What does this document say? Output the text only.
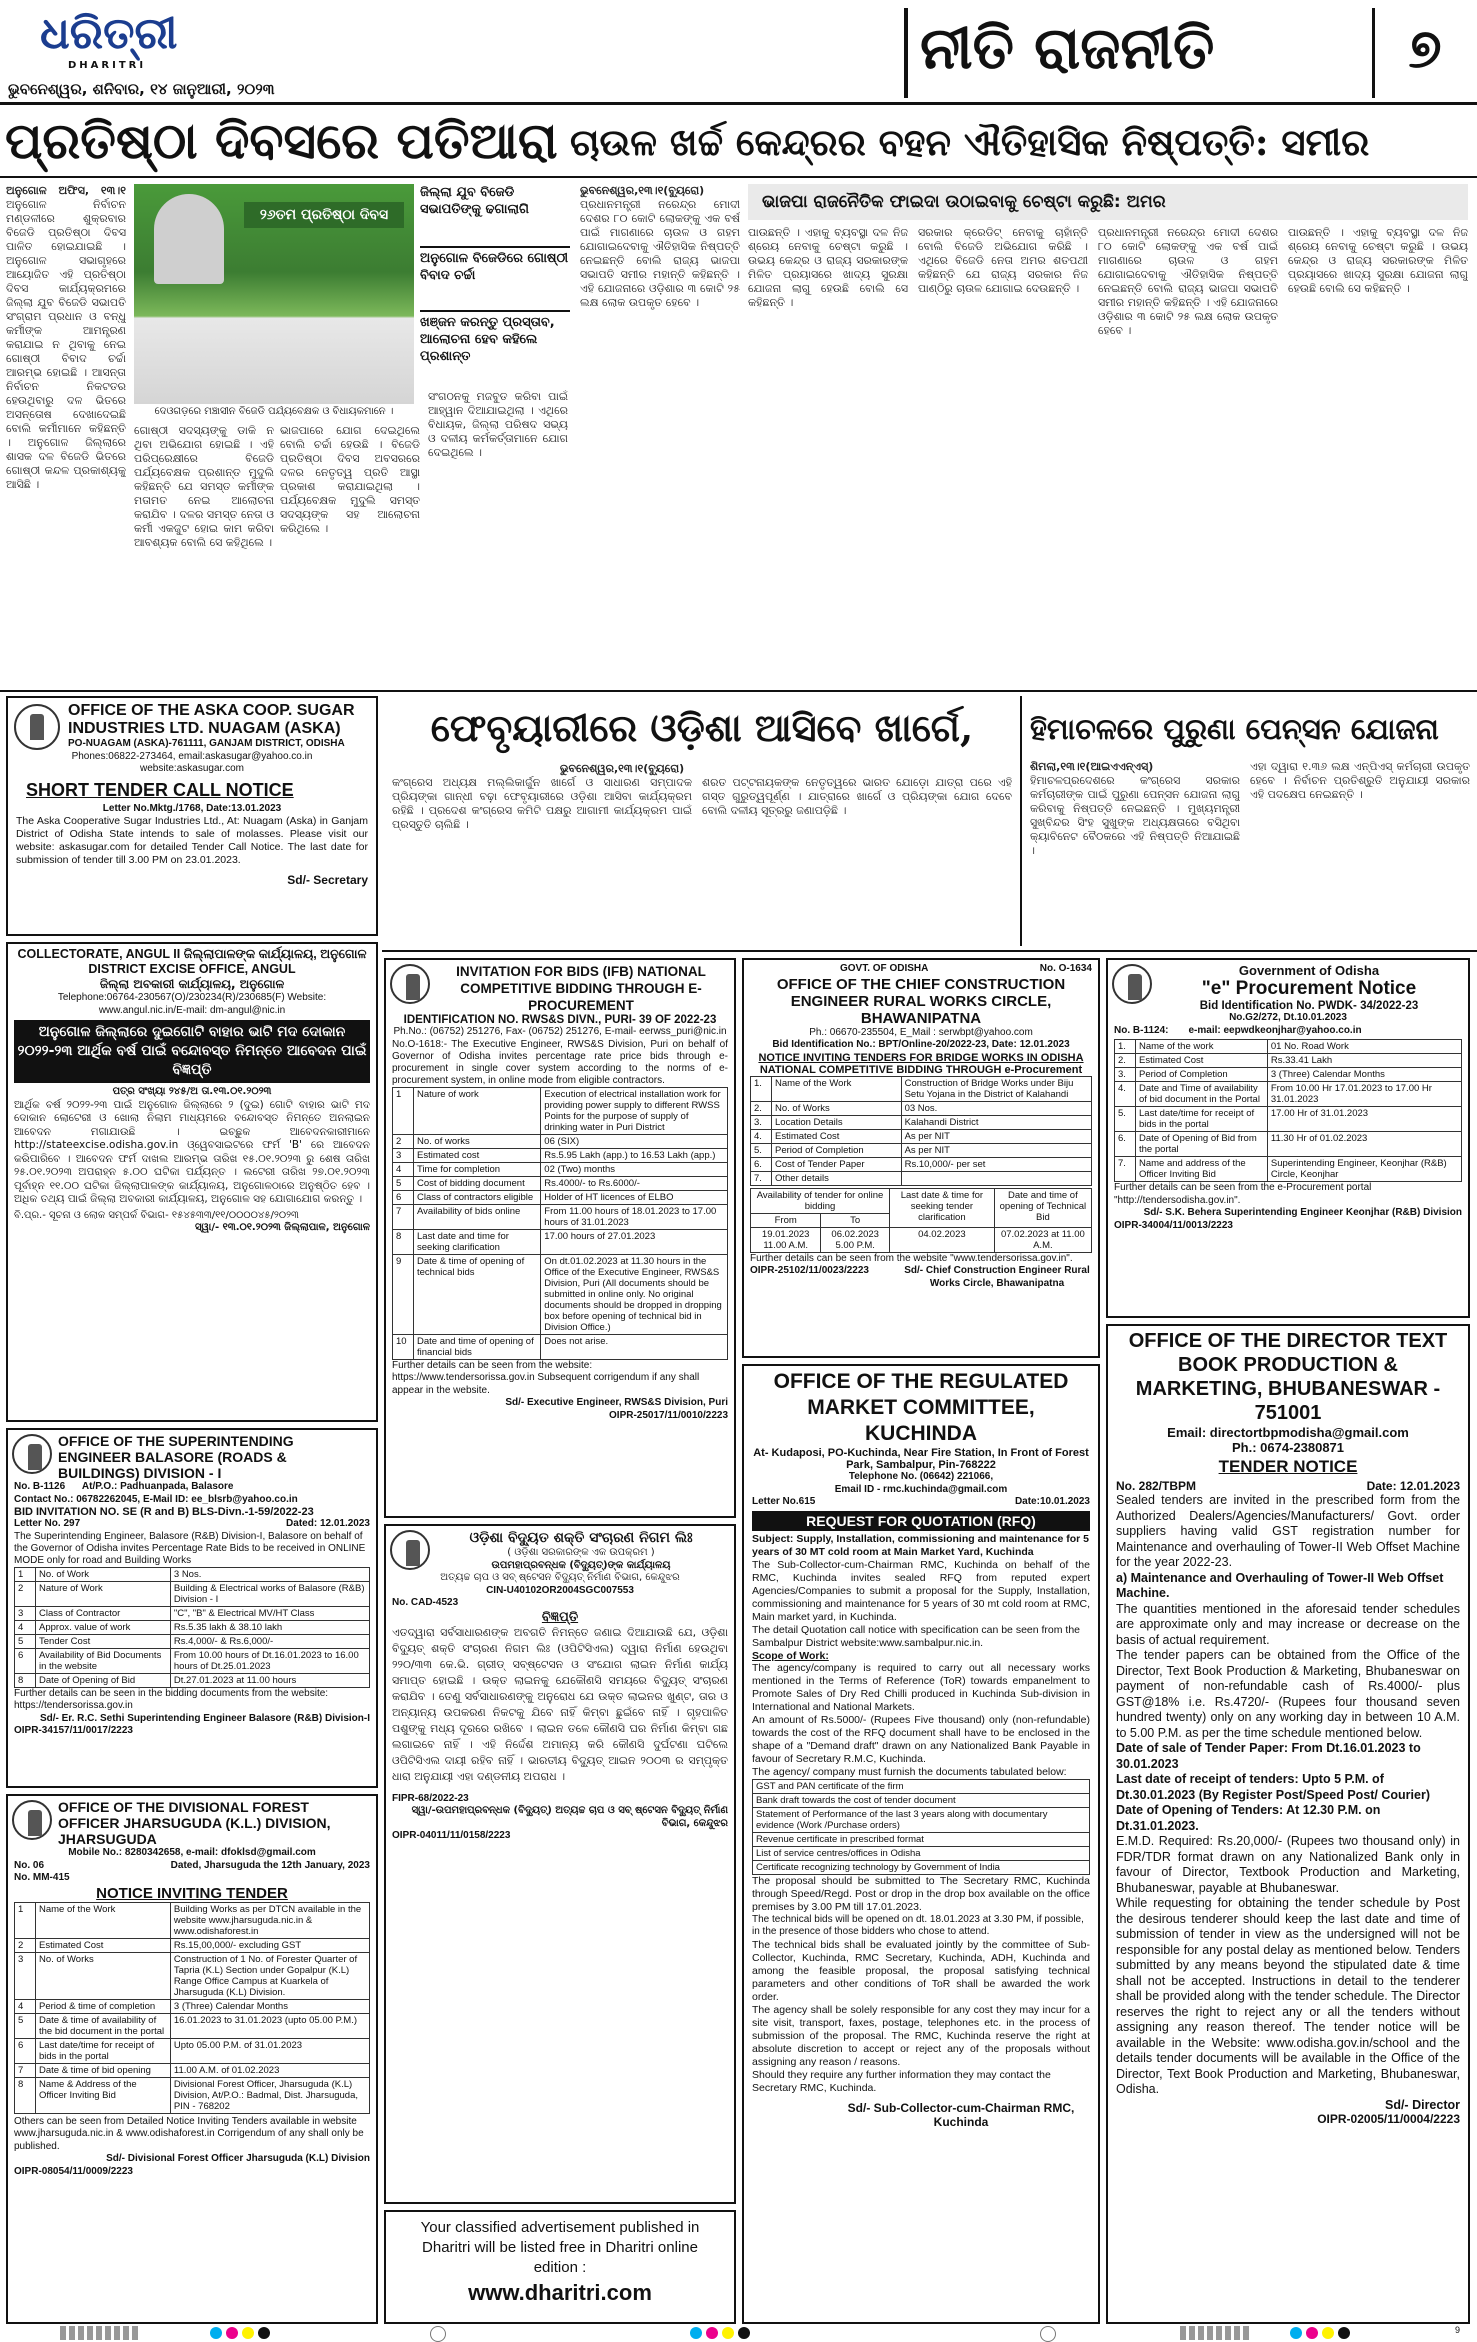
ଧରିତ୍ରୀ
DHARITRI
ଭୁବନେଶ୍ୱର, ଶନିବାର, ୧୪ ଜାନୁଆରୀ, ୨୦୨୩
ନୀତି ରାଜନୀତି	୭
ପ୍ରତିଷ୍ଠା ଦିବସରେ ପତିଆରା ଚାଉଳ ଖର୍ଚ୍ଚ କେନ୍ଦ୍ରର ବହନ ଐତିହାସିକ ନିଷ୍ପତ୍ତି: ସମୀର
ଅନୁଗୋଳ ଅଫିସ, ୧୩।୧ ଅନୁଗୋଳ ନିର୍ବାଚନ ମଣ୍ଡଳୀରେ ଶୁକ୍ରବାର ବିଜେଡି ପ୍ରତିଷ୍ଠା ଦିବସ ପାଳିତ ହୋଇଯାଇଛି । ଅନୁଗୋଳ ସଭାଗୃହରେ ଆୟୋଜିତ ଏହି ପ୍ରତିଷ୍ଠା ଦିବସ କାର୍ଯ୍ୟକ୍ରମରେ ଜିଲ୍ଲା ଯୁବ ବିଜେଡି ସଭାପତି ସଂଗ୍ରାମ ପ୍ରଧାନ ଓ ବନ୍ଧୁ କର୍ମୀଙ୍କ ଆମନ୍ତ୍ରଣ କରାଯାଇ ନ ଥିବାକୁ ନେଇ ଗୋଷ୍ଠୀ ବିବାଦ ଚର୍ଚ୍ଚା ଆରମ୍ଭ ହୋଇଛି । ଆସନ୍ତା ନିର୍ବାଚନ ନିକଟତର ହେଉଥିବାରୁ ଦଳ ଭିତରେ ଅସନ୍ତୋଷ ଦେଖାଦେଇଛି ବୋଲି କର୍ମୀମାନେ କହିଛନ୍ତି । ଅନୁଗୋଳ ଜିଲ୍ଲାରେ ଶାସକ ଦଳ ବିଜେଡି ଭିତରେ ଗୋଷ୍ଠୀ କନ୍ଦଳ ପ୍ରକାଶ୍ୟକୁ ଆସିଛି ।
୨୬ତମ ପ୍ରତିଷ୍ଠା ଦିବସ
ଦେଓଗଡ଼ରେ ମଞ୍ଚାସୀନ ବିଜେଡି ପର୍ଯ୍ୟବେକ୍ଷକ ଓ ବିଧାୟକମାନେ ।
ଜିଲ୍ଲା ଯୁବ ବିଜେଡି ସଭାପତିଙ୍କୁ ଢଗାଲାଗି
ଅନୁଗୋଳ ବିଜେଡିରେ ଗୋଷ୍ଠୀ ବିବାଦ ଚର୍ଚ୍ଚା
ଖଞ୍ଜନ କରନ୍ତୁ ପ୍ରସ୍ତାବ, ଆଲୋଚନା ହେବ କହିଲେ ପ୍ରଶାନ୍ତ
ଗୋଷ୍ଠୀ ସଦସ୍ୟଙ୍କୁ ଡାକି ନ ଥିବା ଅଭିଯୋଗ ହୋଇଛି । ଏହି ପରିପ୍ରେକ୍ଷୀରେ ବିଜେଡି ପର୍ଯ୍ୟବେକ୍ଷକ ପ୍ରଶାନ୍ତ ମୁଦୁଲି କହିଛନ୍ତି ଯେ ସମସ୍ତ କର୍ମୀଙ୍କ ମତାମତ ନେଇ ଆଲୋଚନା କରାଯିବ । ଦଳର ସମସ୍ତ ନେତା ଓ କର୍ମୀ ଏକଜୁଟ ହୋଇ କାମ କରିବା ଆବଶ୍ୟକ ବୋଲି ସେ କହିଥିଲେ ।
ଭାଜପାରେ ଯୋଗ ଦେଇଥିଲେ ବୋଲି ଚର୍ଚ୍ଚା ହେଉଛି । ବିଜେଡି ପ୍ରତିଷ୍ଠା ଦିବସ ଅବସରରେ ଦଳର ନେତୃତ୍ୱ ପ୍ରତି ଆସ୍ଥା ପ୍ରକାଶ କରାଯାଇଥିଲା । ପର୍ଯ୍ୟବେକ୍ଷକ ମୁଦୁଲି ସମସ୍ତ ସଦସ୍ୟଙ୍କ ସହ ଆଲୋଚନା କରିଥିଲେ ।
ସଂଗଠନକୁ ମଜବୁତ କରିବା ପାଇଁ ଆହ୍ୱାନ ଦିଆଯାଇଥିଲା । ଏଥିରେ ବିଧାୟକ, ଜିଲ୍ଲା ପରିଷଦ ସଭ୍ୟ ଓ ଦଳୀୟ କର୍ମକର୍ତ୍ତାମାନେ ଯୋଗ ଦେଇଥିଲେ ।
ଭୁବନେଶ୍ୱର,୧୩।୧(ବ୍ୟୁରୋ) ପ୍ରଧାନମନ୍ତ୍ରୀ ନରେନ୍ଦ୍ର ମୋଦୀ ଦେଶର ୮୦ କୋଟି ଲୋକଙ୍କୁ ଏକ ବର୍ଷ ପାଇଁ ମାଗଣାରେ ଚାଉଳ ଓ ଗହମ ଯୋଗାଇଦେବାକୁ ଐତିହାସିକ ନିଷ୍ପତ୍ତି ନେଇଛନ୍ତି ବୋଲି ରାଜ୍ୟ ଭାଜପା ସଭାପତି ସମୀର ମହାନ୍ତି କହିଛନ୍ତି । ଏହି ଯୋଜନାରେ ଓଡ଼ିଶାର ୩ କୋଟି ୨୫ ଲକ୍ଷ ଲୋକ ଉପକୃତ ହେବେ ।
ଭାଜପା ରାଜନୈତିକ ଫାଇଦା ଉଠାଇବାକୁ ଚେଷ୍ଟା କରୁଛି: ଅମର
ପାଉଛନ୍ତି । ଏହାକୁ ବ୍ୟବସ୍ଥା ଦଳ ନିଜ ଶ୍ରେୟ ନେବାକୁ ଚେଷ୍ଟା କରୁଛି । ଉଭୟ କେନ୍ଦ୍ର ଓ ରାଜ୍ୟ ସରକାରଙ୍କ ମିଳିତ ପ୍ରୟାସରେ ଖାଦ୍ୟ ସୁରକ୍ଷା ଯୋଜନା ଲାଗୁ ହେଉଛି ବୋଲି ସେ କହିଛନ୍ତି ।
ସରକାର କ୍ରେଡିଟ୍ ନେବାକୁ ଚାହାଁନ୍ତି ବୋଲି ବିଜେଡି ଅଭିଯୋଗ କରିଛି । ଏଥିରେ ବିଜେଡି ନେତା ଅମର ଶତପଥୀ କହିଛନ୍ତି ଯେ ରାଜ୍ୟ ସରକାର ନିଜ ପାଣ୍ଠିରୁ ଚାଉଳ ଯୋଗାଇ ଦେଉଛନ୍ତି ।
ପ୍ରଧାନମନ୍ତ୍ରୀ ନରେନ୍ଦ୍ର ମୋଦୀ ଦେଶର ୮୦ କୋଟି ଲୋକଙ୍କୁ ଏକ ବର୍ଷ ପାଇଁ ମାଗଣାରେ ଚାଉଳ ଓ ଗହମ ଯୋଗାଇଦେବାକୁ ଐତିହାସିକ ନିଷ୍ପତ୍ତି ନେଇଛନ୍ତି ବୋଲି ରାଜ୍ୟ ଭାଜପା ସଭାପତି ସମୀର ମହାନ୍ତି କହିଛନ୍ତି । ଏହି ଯୋଜନାରେ ଓଡ଼ିଶାର ୩ କୋଟି ୨୫ ଲକ୍ଷ ଲୋକ ଉପକୃତ ହେବେ ।
ପାଉଛନ୍ତି । ଏହାକୁ ବ୍ୟବସ୍ଥା ଦଳ ନିଜ ଶ୍ରେୟ ନେବାକୁ ଚେଷ୍ଟା କରୁଛି । ଉଭୟ କେନ୍ଦ୍ର ଓ ରାଜ୍ୟ ସରକାରଙ୍କ ମିଳିତ ପ୍ରୟାସରେ ଖାଦ୍ୟ ସୁରକ୍ଷା ଯୋଜନା ଲାଗୁ ହେଉଛି ବୋଲି ସେ କହିଛନ୍ତି ।
OFFICE OF THE ASKA COOP. SUGAR INDUSTRIES LTD. NUAGAM (ASKA)
PO-NUAGAM (ASKA)-761111, GANJAM DISTRICT, ODISHA
Phones:06822-273464, email:askasugar@yahoo.co.in
website:askasugar.com
SHORT TENDER CALL NOTICE
Letter No.Mktg./1768, Date:13.01.2023
The Aska Cooperative Sugar Industries Ltd., At: Nuagam (Aska) in Ganjam District of Odisha State intends to sale of molasses. Please visit our website: askasugar.com for detailed Tender Call Notice. The last date for submission of tender till 3.00 PM on 23.01.2023.
Sd/- Secretary
ଫେବୃୟାରୀରେ ଓଡ଼ିଶା ଆସିବେ ଖାର୍ଗେ,
ଭୁବନେଶ୍ୱର,୧୩।୧(ବ୍ୟୁରୋ)
କଂଗ୍ରେସ ଅଧ୍ୟକ୍ଷ ମଲ୍ଲିକାର୍ଜୁନ ଖାର୍ଗେ ଓ ସାଧାରଣ ସମ୍ପାଦକ ପ୍ରିୟଙ୍କା ଗାନ୍ଧୀ ବଢ଼ା ଫେବୃୟାରୀରେ ଓଡ଼ିଶା ଆସିବା କାର୍ଯ୍ୟକ୍ରମ ରହିଛି । ପ୍ରଦେଶ କଂଗ୍ରେସ କମିଟି ପକ୍ଷରୁ ଆଗାମୀ କାର୍ଯ୍ୟକ୍ରମ ପାଇଁ ପ୍ରସ୍ତୁତି ଚାଲିଛି ।
ଶରତ ପଟ୍ଟନାୟକଙ୍କ ନେତୃତ୍ୱରେ ଭାରତ ଯୋଡ଼ୋ ଯାତ୍ରା ପରେ ଏହି ଗସ୍ତ ଗୁରୁତ୍ୱପୂର୍ଣ୍ଣ । ଯାତ୍ରାରେ ଖାର୍ଗେ ଓ ପ୍ରିୟଙ୍କା ଯୋଗ ଦେବେ ବୋଲି ଦଳୀୟ ସୂତ୍ରରୁ ଜଣାପଡ଼ିଛି ।
ହିମାଚଳରେ ପୁରୁଣା ପେନ୍‌ସନ ଯୋଜନା
ଶିମଲା,୧୩।୧(ଆଇଏଏନ୍‌ଏସ୍) ହିମାଚଳପ୍ରଦେଶରେ କଂଗ୍ରେସ ସରକାର କର୍ମଚାରୀଙ୍କ ପାଇଁ ପୁରୁଣା ପେନ୍‌ସନ ଯୋଜନା ଲାଗୁ କରିବାକୁ ନିଷ୍ପତ୍ତି ନେଇଛନ୍ତି । ମୁଖ୍ୟମନ୍ତ୍ରୀ ସୁଖ୍‌ବିନ୍ଦର ସିଂହ ସୁଖୁଙ୍କ ଅଧ୍ୟକ୍ଷତାରେ ବସିଥିବା କ୍ୟାବିନେଟ ବୈଠକରେ ଏହି ନିଷ୍ପତ୍ତି ନିଆଯାଇଛି ।
ଏହା ଦ୍ୱାରା ୧.୩୬ ଲକ୍ଷ ଏନ୍‌ପିଏସ୍ କର୍ମଚାରୀ ଉପକୃତ ହେବେ । ନିର୍ବାଚନ ପ୍ରତିଶ୍ରୁତି ଅନୁଯାୟୀ ସରକାର ଏହି ପଦକ୍ଷେପ ନେଇଛନ୍ତି ।
COLLECTORATE, ANGUL II ଜିଲ୍ଲାପାଳଙ୍କ କାର୍ଯ୍ୟାଳୟ, ଅନୁଗୋଳ DISTRICT EXCISE OFFICE, ANGUL
ଜିଲ୍ଲା ଅବକାରୀ କାର୍ଯ୍ୟାଳୟ, ଅନୁଗୋଳ
Telephone:06764-230567(O)/230234(R)/230685(F) Website: www.angul.nic.in/E-mail: dm-angul@nic.in
ଅନୁଗୋଳ ଜିଲ୍ଲାରେ ଦୁଇଗୋଟି ବାହାର ଭାଟି ମଦ ଦୋକାନ ୨୦୨୨-୨୩ ଆର୍ଥିକ ବର୍ଷ ପାଇଁ ବନ୍ଦୋବସ୍ତ ନିମନ୍ତେ ଆବେଦନ ପାଇଁ ବିଜ୍ଞପ୍ତି
ପତ୍ର ସଂଖ୍ୟା ୨୪୫/ଅ ତା.୧୩.୦୧.୨୦୨୩
ଆର୍ଥିକ ବର୍ଷ ୨୦୨୨-୨୩ ପାଇଁ ଅନୁଗୋଳ ଜିଲ୍ଲାରେ ୨ (ଦୁଇ) ଗୋଟି ବାହାର ଭାଟି ମଦ ଦୋକାନ ଲୋଟେରୀ ଓ ଖୋଲା ନିଲାମ ମାଧ୍ୟମରେ ବନ୍ଦୋବସ୍ତ ନିମନ୍ତେ ଅନଲାଇନ ଆବେଦନ ମଗାଯାଉଛି । ଇଚ୍ଛୁକ ଆବେଦନକାରୀମାନେ http://stateexcise.odisha.gov.in ଓ୍ୱେବସାଇଟରେ ଫର୍ମ 'B' ରେ ଆବେଦନ କରିପାରିବେ । ଆବେଦନ ଫର୍ମ ଦାଖଲ ଆରମ୍ଭ ତାରିଖ ୧୫.୦୧.୨୦୨୩ ରୁ ଶେଷ ତାରିଖ ୨୫.୦୧.୨୦୨୩ ଅପରାହ୍ନ ୫.୦୦ ଘଟିକା ପର୍ଯ୍ୟନ୍ତ । ଲଟେରୀ ତାରିଖ ୨୭.୦୧.୨୦୨୩ ପୂର୍ବାହ୍ନ ୧୧.୦୦ ଘଟିକା ଜିଲ୍ଲାପାଳଙ୍କ କାର୍ଯ୍ୟାଳୟ, ଅନୁଗୋଳଠାରେ ଅନୁଷ୍ଠିତ ହେବ । ଅଧିକ ତଥ୍ୟ ପାଇଁ ଜିଲ୍ଲା ଅବକାରୀ କାର୍ଯ୍ୟାଳୟ, ଅନୁଗୋଳ ସହ ଯୋଗାଯୋଗ କରନ୍ତୁ ।
ବି.ପ୍ର.- ସୂଚନା ଓ ଲୋକ ସମ୍ପର୍କ ବିଭାଗ- ୧୫୪୫୩୩/୧୧/୦୦୦୦୪୫/୨୦୨୩
ସ୍ୱା/- ୧୩.୦୧.୨୦୨୩ ଜିଲ୍ଲାପାଳ, ଅନୁଗୋଳ
OFFICE OF THE SUPERINTENDING ENGINEER BALASORE (ROADS & BUILDINGS) DIVISION - I
No. B-1126 At/P.O.: Padhuanpada, Balasore
Contact No.: 06782262045, E-Mail ID: ee_blsrb@yahoo.co.in
BID INVITATION NO. SE (R and B) BLS-Divn.-1-59/2022-23
Letter No. 297	Dated: 12.01.2023
The Superintending Engineer, Balasore (R&B) Division-I, Balasore on behalf of the Governor of Odisha invites Percentage Rate Bids to be received in ONLINE MODE only for road and Building Works
1	No. of Work	3 Nos.
2	Nature of Work	Building & Electrical works of Balasore (R&B) Division - I
3	Class of Contractor	"C", "B" & Electrical MV/HT Class
4	Approx. value of work	Rs.5.35 lakh & 38.10 lakh
5	Tender Cost	Rs.4,000/- & Rs.6,000/-
6	Availability of Bid Documents in the website	From 10.00 hours of Dt.16.01.2023 to 16.00 hours of Dt.25.01.2023
8	Date of Opening of Bid	Dt.27.01.2023 at 11.00 hours
Further details can be seen in the bidding documents from the website: https://tendersorissa.gov.in
Sd/- Er. R.C. Sethi Superintending Engineer Balasore (R&B) Division-I
OIPR-34157/11/0017/2223
OFFICE OF THE DIVISIONAL FOREST OFFICER JHARSUGUDA (K.L.) DIVISION, JHARSUGUDA
Mobile No.: 8280342658, e-mail: dfoklsd@gmail.com
No. 06	Dated, Jharsuguda the 12th January, 2023
No. MM-415
NOTICE INVITING TENDER
1	Name of the Work	Building Works as per DTCN available in the website www.jharsuguda.nic.in & www.odishaforest.in
2	Estimated Cost	Rs.15,00,000/- excluding GST
3	No. of Works	Construction of 1 No. of Forester Quarter of Tapria (K.L) Section under Gopalpur (K.L) Range Office Campus at Kuarkela of Jharsuguda (K.L) Division.
4	Period & time of completion	3 (Three) Calendar Months
5	Date & time of availability of the bid document in the portal	16.01.2023 to 31.01.2023 (upto 05.00 P.M.)
6	Last date/time for receipt of bids in the portal	Upto 05.00 P.M. of 31.01.2023
7	Date & time of bid opening	11.00 A.M. of 01.02.2023
8	Name & Address of the Officer Inviting Bid	Divisional Forest Officer, Jharsuguda (K.L) Division, At/P.O.: Badmal, Dist. Jharsuguda, PIN - 768202
Others can be seen from Detailed Notice Inviting Tenders available in website www.jharsuguda.nic.in & www.odishaforest.in Corrigendum of any shall only be published.
Sd/- Divisional Forest Officer Jharsuguda (K.L) Division
OIPR-08054/11/0009/2223
INVITATION FOR BIDS (IFB) NATIONAL COMPETITIVE BIDDING THROUGH E-PROCUREMENT
IDENTIFICATION NO. RWS&S DIVN., PURI- 39 OF 2022-23
Ph.No.: (06752) 251276, Fax- (06752) 251276, E-mail- eerwss_puri@nic.in
No.O-1618:- The Executive Engineer, RWS&S Division, Puri on behalf of Governor of Odisha invites percentage rate price bids through e-procurement in single cover system according to the norms of e-procurement system, in online mode from eligible contractors.
1	Nature of work	Execution of electrical installation work for providing power supply to different RWSS Points for the purpose of supply of drinking water in Puri District
2	No. of works	06 (SIX)
3	Estimated cost	Rs.5.95 Lakh (app.) to 16.53 Lakh (app.)
4	Time for completion	02 (Two) months
5	Cost of bidding document	Rs.4000/- to Rs.6000/-
6	Class of contractors eligible	Holder of HT licences of ELBO
7	Availability of bids online	From 11.00 hours of 18.01.2023 to 17.00 hours of 31.01.2023
8	Last date and time for seeking clarification	17.00 hours of 27.01.2023
9	Date & time of opening of technical bids	On dt.01.02.2023 at 11.30 hours in the Office of the Executive Engineer, RWS&S Division, Puri (All documents should be submitted in online only. No original documents should be dropped in dropping box before opening of technical bid in Division Office.)
10	Date and time of opening of financial bids	Does not arise.
Further details can be seen from the website: https://www.tendersorissa.gov.in Subsequent corrigendum if any shall appear in the website.
Sd/- Executive Engineer, RWS&S Division, Puri
OIPR-25017/11/0010/2223
ଓଡ଼ିଶା ବିଦ୍ୟୁତ ଶକ୍ତି ସଂଚାରଣ ନିଗମ ଲିଃ
( ଓଡ଼ିଶା ସରକାରଙ୍କ ଏକ ଉପକ୍ରମ )
ଉପମହାପ୍ରବନ୍ଧକ (ବିଦ୍ୟୁତ୍)ଙ୍କ କାର୍ଯ୍ୟାଳୟ
ଅତ୍ୟଚ୍ଚ ଚାପ ଓ ସବ୍‌ ଷ୍ଟେସନ ବିଦ୍ୟୁତ୍ ନିର୍ମାଣ ବିଭାଗ, କେନ୍ଦୁଝର
CIN-U40102OR2004SGC007553
No. CAD-4523
ବିଜ୍ଞପ୍ତି
ଏତଦ୍ୱାରା ସର୍ବସାଧାରଣଙ୍କ ଅବଗତି ନିମନ୍ତେ ଜଣାଇ ଦିଆଯାଉଛି ଯେ, ଓଡ଼ିଶା ବିଦ୍ୟୁତ୍ ଶକ୍ତି ସଂଚାରଣ ନିଗମ ଲିଃ (ଓପିଟିସିଏଲ) ଦ୍ୱାରା ନିର୍ମାଣ ହେଉଥିବା ୨୨୦/୩୩ କେ.ଭି. ଗ୍ରୀଡ୍ ସବ୍‌ଷ୍ଟେସନ ଓ ସଂଯୋଗ ଲାଇନ ନିର୍ମାଣ କାର୍ଯ୍ୟ ସମାପ୍ତ ହୋଇଛି । ଉକ୍ତ ଲାଇନକୁ ଯେକୌଣସି ସମୟରେ ବିଦ୍ୟୁତ୍ ସଂଚାରଣ କରାଯିବ । ତେଣୁ ସର୍ବସାଧାରଣଙ୍କୁ ଅନୁରୋଧ ଯେ ଉକ୍ତ ଲାଇନର ଖୁଣ୍ଟ, ତାର ଓ ଅନ୍ୟାନ୍ୟ ଉପକରଣ ନିକଟକୁ ଯିବେ ନାହିଁ କିମ୍ବା ଛୁଇଁବେ ନାହିଁ । ଗୃହପାଳିତ ପଶୁଙ୍କୁ ମଧ୍ୟ ଦୂରରେ ରଖିବେ । ଲାଇନ ତଳେ କୌଣସି ଘର ନିର୍ମାଣ କିମ୍ବା ଗଛ ଲଗାଇବେ ନାହିଁ । ଏହି ନିର୍ଦ୍ଦେଶ ଅମାନ୍ୟ କରି କୌଣସି ଦୁର୍ଘଟଣା ଘଟିଲେ ଓପିଟିସିଏଲ ଦାୟୀ ରହିବ ନାହିଁ । ଭାରତୀୟ ବିଦ୍ୟୁତ୍ ଆଇନ ୨୦୦୩ ର ସମ୍ପୃକ୍ତ ଧାରା ଅନୁଯାୟୀ ଏହା ଦଣ୍ଡନୀୟ ଅପରାଧ ।
FIPR-68/2022-23
ସ୍ୱା/-ଉପମହାପ୍ରବନ୍ଧକ (ବିଦ୍ୟୁତ୍) ଅତ୍ୟଚ୍ଚ ଚାପ ଓ ସବ୍‌ ଷ୍ଟେସନ ବିଦ୍ୟୁତ୍ ନିର୍ମାଣ ବିଭାଗ, କେନ୍ଦୁଝର
OIPR-04011/11/0158/2223
Your classified advertisement published in Dharitri will be listed free in Dharitri online edition :
www.dharitri.com
GOVT. OF ODISHA	No. O-1634
OFFICE OF THE CHIEF CONSTRUCTION ENGINEER RURAL WORKS CIRCLE, BHAWANIPATNA
Ph.: 06670-235504, E_Mail : serwbpt@yahoo.com
Bid Identification No.: BPT/Online-20/2022-23, Date: 12.01.2023
NOTICE INVITING TENDERS FOR BRIDGE WORKS IN ODISHA
NATIONAL COMPETITIVE BIDDING THROUGH e-Procurement
1.	Name of the Work	Construction of Bridge Works under Biju Setu Yojana in the District of Kalahandi
2.	No. of Works	03 Nos.
3.	Location Details	Kalahandi District
4.	Estimated Cost	As per NIT
5.	Period of Completion	As per NIT
6.	Cost of Tender Paper	Rs.10,000/- per set
7.	Other details	
Availability of tender for online bidding		Last date & time for seeking tender clarification	Date and time of opening of Technical Bid
From	To		
19.01.2023 11.00 A.M.	06.02.2023 5.00 P.M.	04.02.2023	07.02.2023 at 11.00 A.M.
Further details can be seen from the website "www.tendersorissa.gov.in".
OIPR-25102/11/0023/2223	Sd/- Chief Construction Engineer Rural Works Circle, Bhawanipatna
OFFICE OF THE REGULATED MARKET COMMITTEE, KUCHINDA
At- Kudaposi, PO-Kuchinda, Near Fire Station, In Front of Forest Park, Sambalpur, Pin-768222
Telephone No. (06642) 221066,
Email ID - rmc.kuchinda@gmail.com
Letter No.615	Date:10.01.2023
REQUEST FOR QUOTATION (RFQ)
Subject: Supply, Installation, commissioning and maintenance for 5 years of 30 MT cold room at Main Market Yard, Kuchinda
The Sub-Collector-cum-Chairman RMC, Kuchinda on behalf of the RMC, Kuchinda invites sealed RFQ from reputed expert Agencies/Companies to submit a proposal for the Supply, Installation, commissioning and maintenance for 5 years of 30 mt cold room at RMC, Main market yard, in Kuchinda.
The detail Quotation call notice with specification can be seen from the Sambalpur District website:www.sambalpur.nic.in.
Scope of Work:
The agency/company is required to carry out all necessary works mentioned in the Terms of Reference (ToR) towards empanelment to Promote Sales of Dry Red Chilli produced in Kuchinda Sub-division in International and National Markets.
An amount of Rs.5000/- (Rupees Five thousand) only (non-refundable) towards the cost of the RFQ document shall have to be enclosed in the shape of a "Demand draft" drawn on any Nationalized Bank Payable in favour of Secretary R.M.C, Kuchinda.
The agency/ company must furnish the documents tabulated below:
GST and PAN certificate of the firm
Bank draft towards the cost of tender document
Statement of Performance of the last 3 years along with documentary evidence (Work /Purchase orders)
Revenue certificate in prescribed format
List of service centres/offices in Odisha
Certificate recognizing technology by Government of India
The proposal should be submitted to The Secretary RMC, Kuchinda through Speed/Regd. Post or drop in the drop box available on the office premises by 3.00 PM till 17.01.2023.
The technical bids will be opened on dt. 18.01.2023 at 3.30 PM, if possible, in the presence of those bidders who chose to attend.
The technical bids shall be evaluated jointly by the committee of Sub-Collector, Kuchinda, RMC Secretary, Kuchinda, ADH, Kuchinda and among the feasible proposal, the proposal satisfying technical parameters and other conditions of ToR shall be awarded the work order.
The agency shall be solely responsible for any cost they may incur for a site visit, transport, faxes, postage, telephones etc. in the process of submission of the proposal. The RMC, Kuchinda reserve the right at absolute discretion to accept or reject any of the proposals without assigning any reason / reasons.
Should they require any further information they may contact the Secretary RMC, Kuchinda.
Sd/- Sub-Collector-cum-Chairman RMC, Kuchinda
Government of Odisha
"e" Procurement Notice
Bid Identification No. PWDK- 34/2022-23
No.G2/272, Dt.10.01.2023
No. B-1124: e-mail: eepwdkeonjhar@yahoo.co.in
1.	Name of the work	01 No. Road Work
2.	Estimated Cost	Rs.33.41 Lakh
3.	Period of Completion	3 (Three) Calendar Months
4.	Date and Time of availability of bid document in the Portal	From 10.00 Hr 17.01.2023 to 17.00 Hr 31.01.2023
5.	Last date/time for receipt of bids in the portal	17.00 Hr of 31.01.2023
6.	Date of Opening of Bid from the portal	11.30 Hr of 01.02.2023
7.	Name and address of the Officer Inviting Bid	Superintending Engineer, Keonjhar (R&B) Circle, Keonjhar
Further details can be seen from the e-Procurement portal "http://tendersodisha.gov.in".
Sd/- S.K. Behera Superintending Engineer Keonjhar (R&B) Division
OIPR-34004/11/0013/2223
OFFICE OF THE DIRECTOR TEXT BOOK PRODUCTION & MARKETING, BHUBANESWAR - 751001
Email: directortbpmodisha@gmail.com
Ph.: 0674-2380871
TENDER NOTICE
No. 282/TBPM	Date: 12.01.2023
Sealed tenders are invited in the prescribed form from the Authorized Dealers/Agencies/Manufacturers/ Govt. order suppliers having valid GST registration number for Maintenance and overhauling of Tower-II Web Offset Machine for the year 2022-23.
a) Maintenance and Overhauling of Tower-II Web Offset Machine.
The quantities mentioned in the aforesaid tender schedules are approximate only and may increase or decrease on the basis of actual requirement.
The tender papers can be obtained from the Office of the Director, Text Book Production & Marketing, Bhubaneswar on payment of non-refundable cash of Rs.4000/- plus GST@18% i.e. Rs.4720/- (Rupees four thousand seven hundred twenty) only on any working day in between 10 A.M. to 5.00 P.M. as per the time schedule mentioned below.
Date of sale of Tender Paper: From Dt.16.01.2023 to 30.01.2023
Last date of receipt of tenders: Upto 5 P.M. of Dt.30.01.2023 (By Register Post/Speed Post/ Courier)
Date of Opening of Tenders: At 12.30 P.M. on Dt.31.01.2023.
E.M.D. Required: Rs.20,000/- (Rupees two thousand only) in FDR/TDR format drawn on any Nationalized Bank only in favour of Director, Textbook Production and Marketing, Bhubaneswar, payable at Bhubaneswar.
While requesting for obtaining the tender schedule by Post the desirous tenderer should keep the last date and time of submission of tender in view as the undersigned will not be responsible for any postal delay as mentioned below. Tenders submitted by any means beyond the stipulated date & time shall not be accepted. Instructions in detail to the tenderer shall be provided along with the tender schedule. The Director reserves the right to reject any or all the tenders without assigning any reason thereof. The tender notice will be available in the Website: www.odisha.gov.in/school and the details tender documents will be available in the Office of the Director, Text Book Production and Marketing, Bhubaneswar, Odisha.
Sd/- Director
OIPR-02005/11/0004/2223
9
